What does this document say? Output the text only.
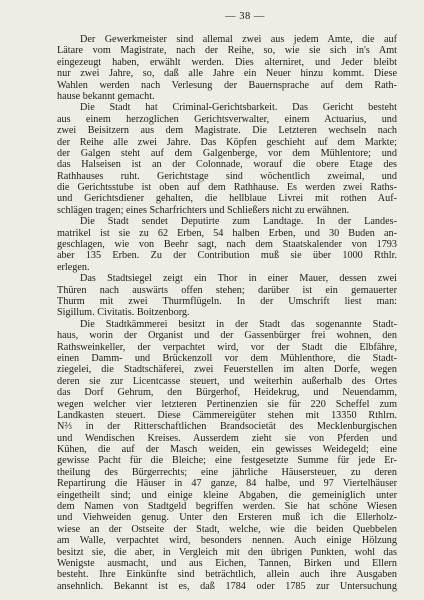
— 38 —
Der Gewerkmeister sind allemal zwei aus jedem Amte, die auf
Lätare vom Magistrate, nach der Reihe, so, wie sie sich in's Amt
eingezeugt haben, erwählt werden. Dies alterniret, und Jeder bleibt
nur zwei Jahre, so, daß alle Jahre ein Neuer hinzu kommt. Diese
Wahlen werden nach Verlesung der Bauernsprache auf dem Rath-
hause bekannt gemacht.
Die Stadt hat Criminal-Gerichtsbarkeit. Das Gericht besteht
aus einem herzoglichen Gerichtsverwalter, einem Actuarius, und
zwei Beisitzern aus dem Magistrate. Die Letzteren wechseln nach
der Reihe alle zwei Jahre. Das Köpfen geschieht auf dem Markte;
der Galgen steht auf dem Galgenberge, vor dem Mühlentore; und
das Halseisen ist an der Colonnade, worauf die obere Etage des
Rathhauses ruht. Gerichtstage sind wöchentlich zweimal, und
die Gerichtsstube ist oben auf dem Rathhause. Es werden zwei Raths-
und Gerichtsdiener gehalten, die hellblaue Livrei mit rothen Auf-
schlägen tragen; eines Scharfrichters und Schließers nicht zu erwähnen.
Die Stadt sendet Deputirte zum Landtage. In der Landes-
matrikel ist sie zu 62 Erben, 54 halben Erben, und 30 Buden an-
geschlagen, wie von Beehr sagt, nach dem Staatskalender von 1793
aber 135 Erben. Zu der Contribution muß sie über 1000 Rthlr.
erlegen.
Das Stadtsiegel zeigt ein Thor in einer Mauer, dessen zwei
Thüren nach auswärts offen stehen; darüber ist ein gemauerter
Thurm mit zwei Thurmflügeln. In der Umschrift liest man:
Sigillum. Civitatis. Boitzenborg.
Die Stadtkämmerei besitzt in der Stadt das sogenannte Stadt-
haus, worin der Organist und der Gassenbürger frei wohnen, den
Rathsweinkeller, der verpachtet wird, vor der Stadt die Elbfähre,
einen Damm- und Brückenzoll vor dem Mühlenthore, die Stadt-
ziegelei, die Stadtschäferei, zwei Feuerstellen im alten Dorfe, wegen
deren sie zur Licentcasse steuert, und weiterhin außerhalb des Ortes
das Dorf Gehrum, den Bürgerhof, Heidekrug, und Neuendamm,
wegen welcher vier letzteren Pertinenzien sie für 220 Scheffel zum
Landkasten steuert. Diese Cämmereigüter stehen mit 13350 Rthlrn.
N⅔ in der Ritterschaftlichen Brandsocietät des Mecklenburgischen
und Wendischen Kreises. Ausserdem zieht sie von Pferden und
Kühen, die auf der Masch weiden, ein gewisses Weidegeld; eine
gewisse Pacht für die Bleiche; eine festgesetzte Summe für jede Er-
theilung des Bürgerrechts; eine jährliche Häusersteuer, zu deren
Repartirung die Häuser in 47 ganze, 84 halbe, und 97 Viertelhäuser
eingetheilt sind; und einige kleine Abgaben, die gemeiniglich unter
dem Namen von Stadtgeld begriffen werden. Sie hat schöne Wiesen
und Viehweiden genug. Unter den Ersteren muß ich die Ellerholz-
wiese an der Ostseite der Stadt, welche, wie die beiden Quebbelen
am Walle, verpachtet wird, besonders nennen. Auch einige Hölzung
besitzt sie, die aber, in Vergleich mit den übrigen Punkten, wohl das
Wenigste ausmacht, und aus Eichen, Tannen, Birken und Ellern
besteht. Ihre Einkünfte sind beträchtlich, allein auch ihre Ausgaben
ansehnlich. Bekannt ist es, daß 1784 oder 1785 zur Untersuchung
